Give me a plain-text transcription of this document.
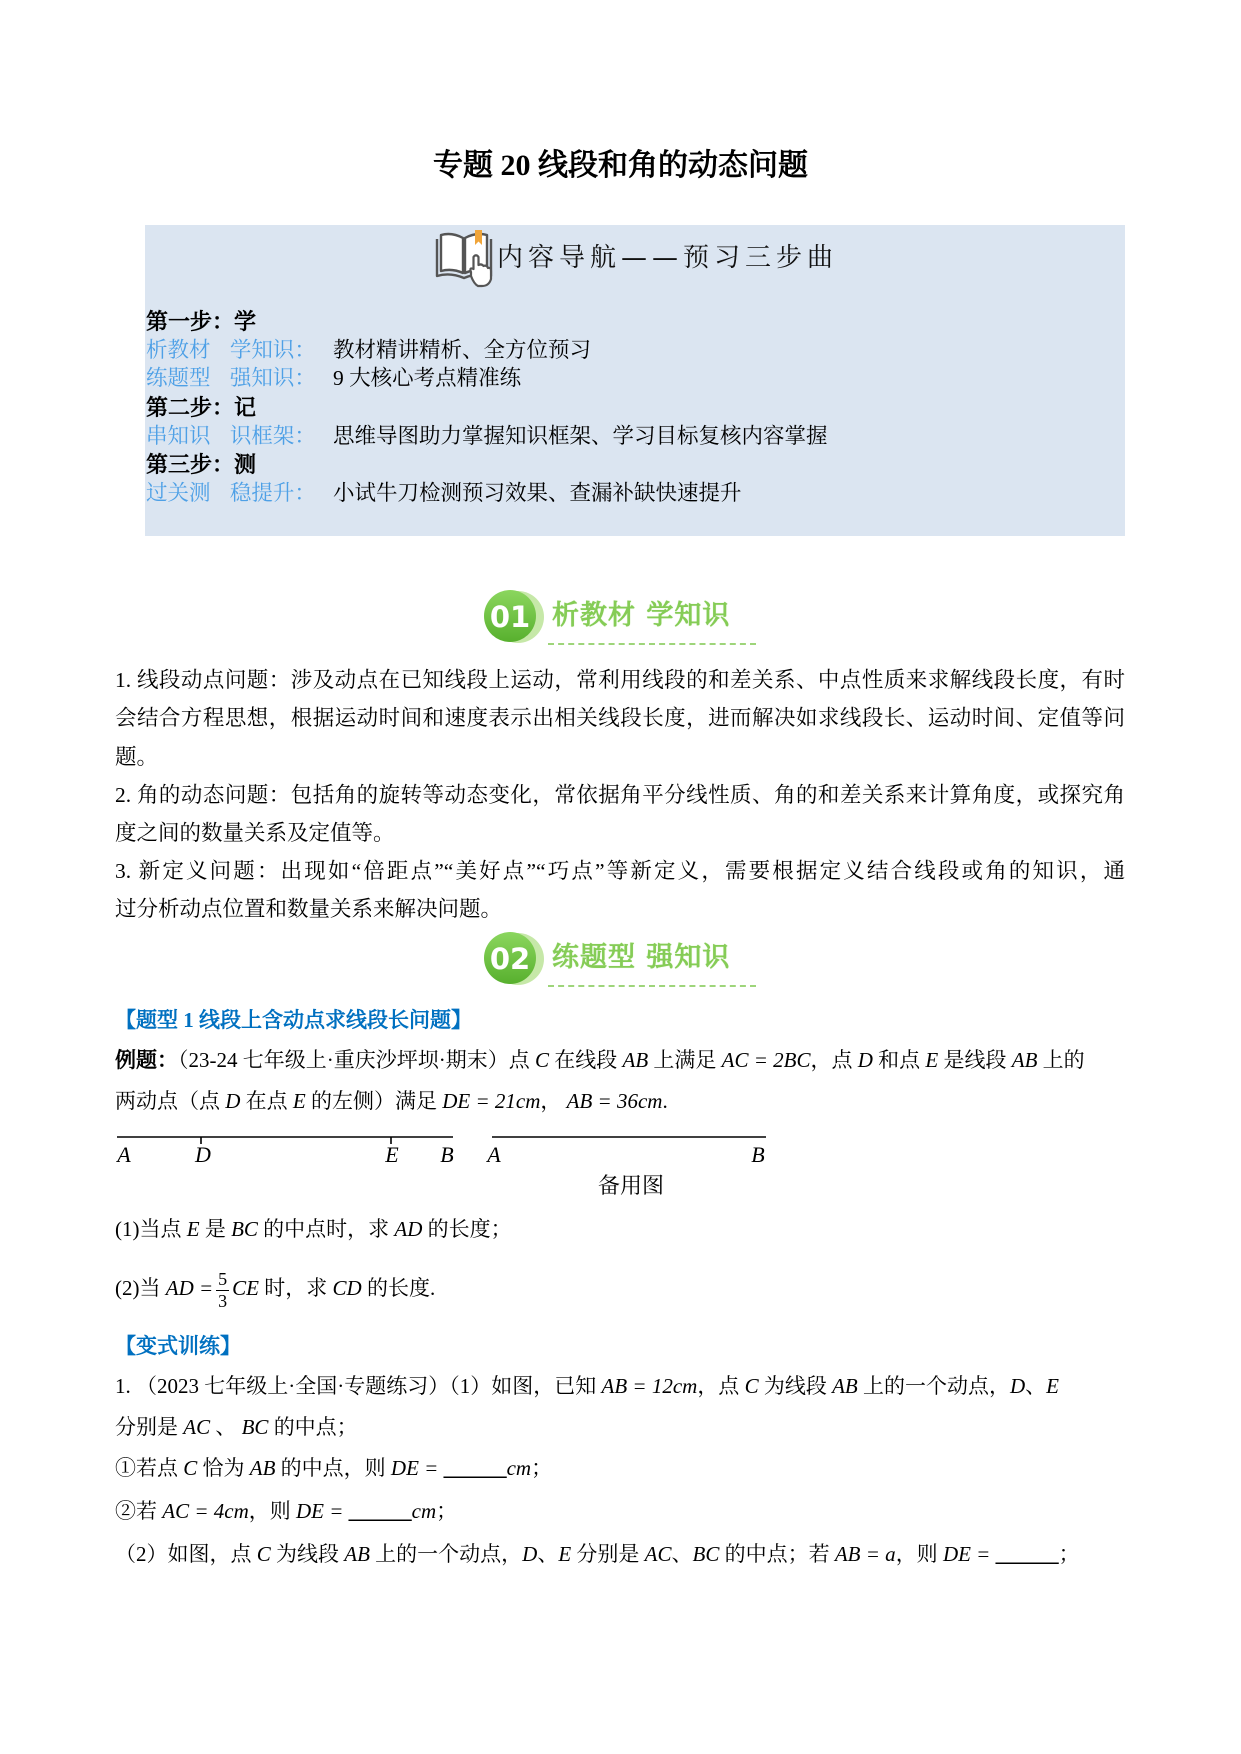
专题 20 线段和角的动态问题
内容导航——预习三步曲
第一步：学
析教材 学知识： 教材精讲精析、全方位预习
练题型 强知识： 9 大核心考点精准练
第二步：记
串知识 识框架： 思维导图助力掌握知识框架、学习目标复核内容掌握
第三步：测
过关测 稳提升： 小试牛刀检测预习效果、查漏补缺快速提升
01 析教材 学知识
1. 线段动点问题：涉及动点在已知线段上运动，常利用线段的和差关系、中点性质来求解线段长度，有时
会结合方程思想，根据运动时间和速度表示出相关线段长度，进而解决如求线段长、运动时间、定值等问
题。
2. 角的动态问题：包括角的旋转等动态变化，常依据角平分线性质、角的和差关系来计算角度，或探究角
度之间的数量关系及定值等。
3. 新定义问题：出现如“倍距点”“美好点”“巧点”等新定义，需要根据定义结合线段或角的知识，通
过分析动点位置和数量关系来解决问题。
02 练题型 强知识
【题型 1 线段上含动点求线段长问题】
例题：（23-24 七年级上·重庆沙坪坝·期末）点 C 在线段 AB 上满足 AC = 2BC，点 D 和点 E 是线段 AB 上的
两动点（点 D 在点 E 的左侧）满足 DE = 21cm， AB = 36cm.
A	D	E B A	B
备用图
(1)当点 E 是 BC 的中点时，求 AD 的长度；
(2)当 AD = $\frac{5}{3}$ CE 时，求 CD 的长度.
【变式训练】
1. （2023 七年级上·全国·专题练习）（1）如图，已知 AB = 12cm，点 C 为线段 AB 上的一个动点，D、E
分别是 AC 、 BC 的中点；
①若点 C 恰为 AB 的中点，则 DE = ______cm；
②若 AC = 4cm，则 DE = ______cm；
（2）如图，点 C 为线段 AB 上的一个动点，D、E 分别是 AC、BC 的中点；若 AB = a，则 DE = ______；
